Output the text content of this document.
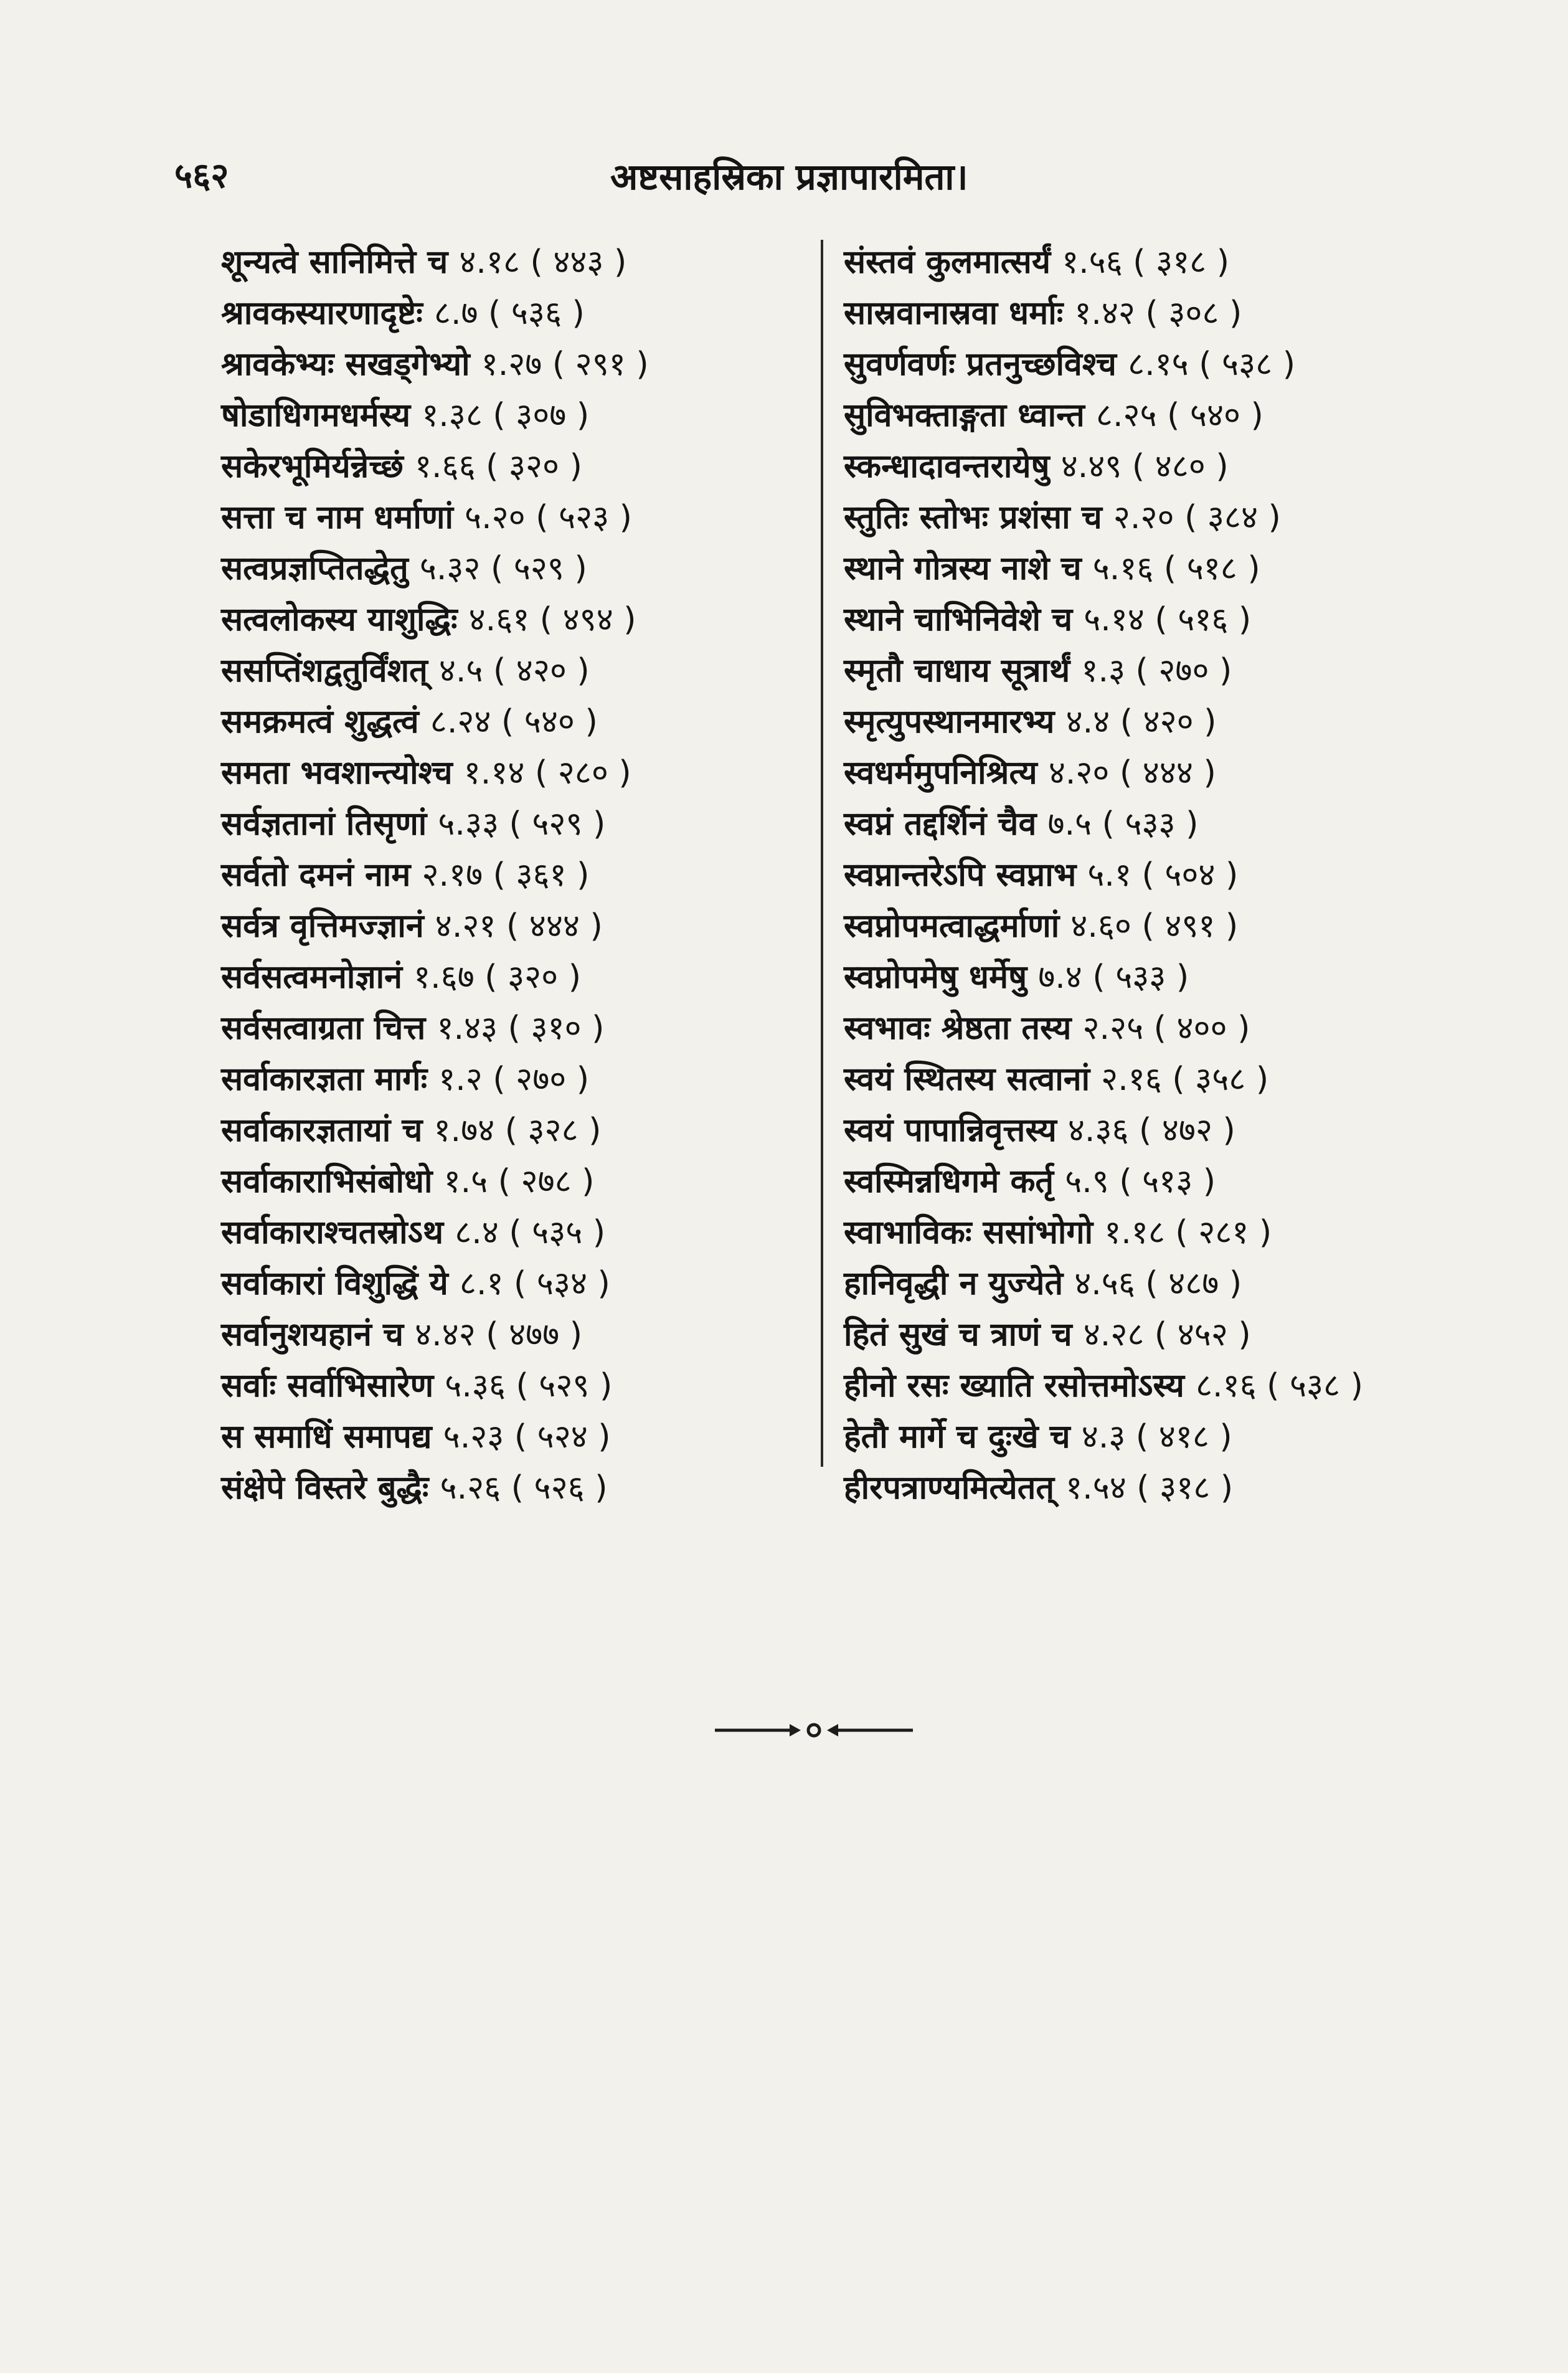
५६२	अष्टसाहस्रिका प्रज्ञापारमिता।
शून्यत्वे सानिमित्ते च ४.१८ ( ४४३ )
श्रावकस्यारणादृष्टेः ८.७ ( ५३६ )
श्रावकेभ्यः सखड्गेभ्यो १.२७ ( २९१ )
षोडाधिगमधर्मस्य १.३८ ( ३०७ )
सकेरभूमिर्यन्नेच्छं १.६६ ( ३२० )
सत्ता च नाम धर्माणां ५.२० ( ५२३ )
सत्वप्रज्ञप्तितद्धेतु ५.३२ ( ५२९ )
सत्वलोकस्य याशुद्धिः ४.६१ ( ४९४ )
ससप्तिंशद्वतुर्विंशत् ४.५ ( ४२० )
समक्रमत्वं शुद्धत्वं ८.२४ ( ५४० )
समता भवशान्त्योश्च १.१४ ( २८० )
सर्वज्ञतानां तिसृणां ५.३३ ( ५२९ )
सर्वतो दमनं नाम २.१७ ( ३६१ )
सर्वत्र वृत्तिमज्ज्ञानं ४.२१ ( ४४४ )
सर्वसत्वमनोज्ञानं १.६७ ( ३२० )
सर्वसत्वाग्रता चित्त १.४३ ( ३१० )
सर्वाकारज्ञता मार्गः १.२ ( २७० )
सर्वाकारज्ञतायां च १.७४ ( ३२८ )
सर्वाकाराभिसंबोधो १.५ ( २७८ )
सर्वाकाराश्चतस्रोऽथ ८.४ ( ५३५ )
सर्वाकारां विशुद्धिं ये ८.१ ( ५३४ )
सर्वानुशयहानं च ४.४२ ( ४७७ )
सर्वाः सर्वाभिसारेण ५.३६ ( ५२९ )
स समाधिं समापद्य ५.२३ ( ५२४ )
संक्षेपे विस्तरे बुद्धैः ५.२६ ( ५२६ )
संस्तवं कुलमात्सर्यं १.५६ ( ३१८ )
सास्रवानास्रवा धर्माः १.४२ ( ३०८ )
सुवर्णवर्णः प्रतनुच्छविश्च ८.१५ ( ५३८ )
सुविभक्ताङ्गता ध्वान्त ८.२५ ( ५४० )
स्कन्धादावन्तरायेषु ४.४९ ( ४८० )
स्तुतिः स्तोभः प्रशंसा च २.२० ( ३८४ )
स्थाने गोत्रस्य नाशे च ५.१६ ( ५१८ )
स्थाने चाभिनिवेशे च ५.१४ ( ५१६ )
स्मृतौ चाधाय सूत्रार्थं १.३ ( २७० )
स्मृत्युपस्थानमारभ्य ४.४ ( ४२० )
स्वधर्ममुपनिश्रित्य ४.२० ( ४४४ )
स्वप्नं तद्दर्शिनं चैव ७.५ ( ५३३ )
स्वप्नान्तरेऽपि स्वप्नाभ ५.१ ( ५०४ )
स्वप्नोपमत्वाद्धर्माणां ४.६० ( ४९१ )
स्वप्नोपमेषु धर्मेषु ७.४ ( ५३३ )
स्वभावः श्रेष्ठता तस्य २.२५ ( ४०० )
स्वयं स्थितस्य सत्वानां २.१६ ( ३५८ )
स्वयं पापान्निवृत्तस्य ४.३६ ( ४७२ )
स्वस्मिन्नधिगमे कर्तृ ५.९ ( ५१३ )
स्वाभाविकः ससांभोगो १.१८ ( २८१ )
हानिवृद्धी न युज्येते ४.५६ ( ४८७ )
हितं सुखं च त्राणं च ४.२८ ( ४५२ )
हीनो रसः ख्याति रसोत्तमोऽस्य ८.१६ ( ५३८ )
हेतौ मार्गे च दुःखे च ४.३ ( ४१८ )
हीरपत्राण्यमित्येतत् १.५४ ( ३१८ )
